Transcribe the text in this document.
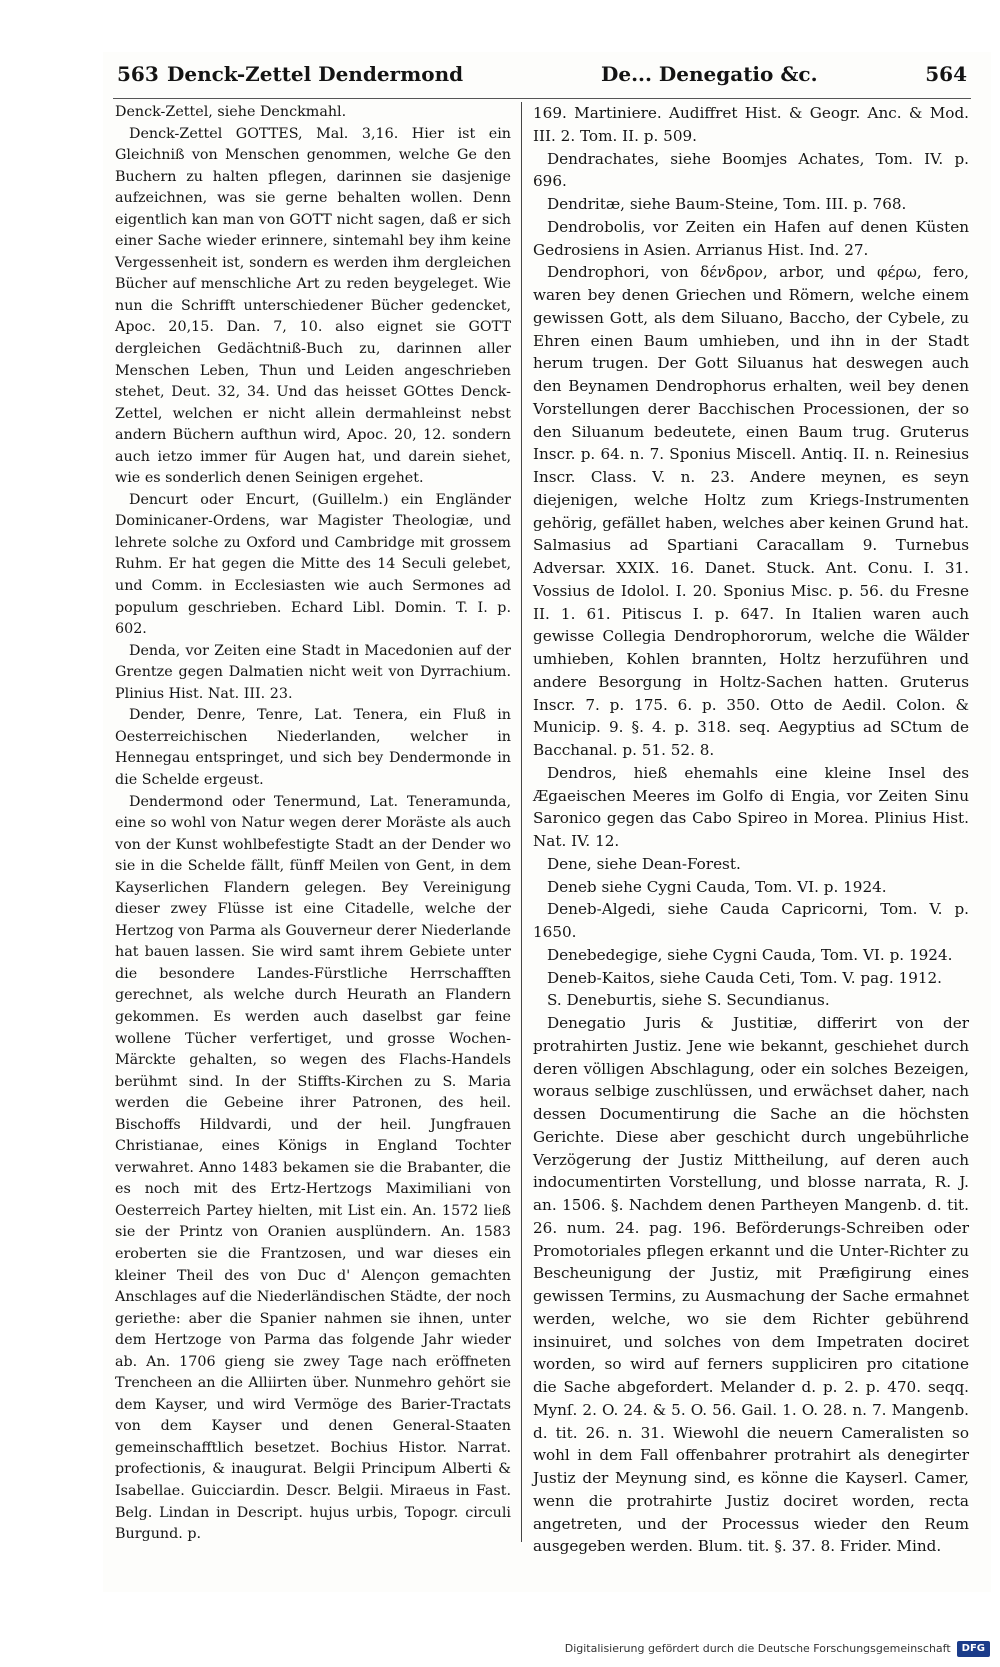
563 Denck-Zettel Dendermond	De... Denegatio &c.	564

Denck-Zettel, siehe Denckmahl.

Denck-Zettel GOTTES, Mal. 3,16. Hier ist ein Gleichniß von Menschen genommen, welche Ge den Buchern zu halten pflegen, darinnen sie dasjenige aufzeichnen, was sie gerne behalten wollen. Denn eigentlich kan man von GOTT nicht sagen, daß er sich einer Sache wieder erinnere, sintemahl bey ihm keine Vergessenheit ist, sondern es werden ihm dergleichen Bücher auf menschliche Art zu reden beygeleget. Wie nun die Schrifft unterschiedener Bücher gedencket, Apoc. 20,15. Dan. 7, 10. also eignet sie GOTT dergleichen Gedächtniß-Buch zu, darinnen aller Menschen Leben, Thun und Leiden angeschrieben stehet, Deut. 32, 34. Und das heisset GOttes Denck-Zettel, welchen er nicht allein dermahleinst nebst andern Büchern aufthun wird, Apoc. 20, 12. sondern auch ietzo immer für Augen hat, und darein siehet, wie es sonderlich denen Seinigen ergehet.

Dencurt oder Encurt, (Guillelm.) ein Engländer Dominicaner-Ordens, war Magister Theologiæ, und lehrete solche zu Oxford und Cambridge mit grossem Ruhm. Er hat gegen die Mitte des 14 Seculi gelebet, und Comm. in Ecclesiasten wie auch Sermones ad populum geschrieben. Echard Libl. Domin. T. I. p. 602.

Denda, vor Zeiten eine Stadt in Macedonien auf der Grentze gegen Dalmatien nicht weit von Dyrrachium. Plinius Hist. Nat. III. 23.

Dender, Denre, Tenre, Lat. Tenera, ein Fluß in Oesterreichischen Niederlanden, welcher in Hennegau entspringet, und sich bey Dendermonde in die Schelde ergeust.

Dendermond oder Tenermund, Lat. Teneramunda, eine so wohl von Natur wegen derer Moräste als auch von der Kunst wohlbefestigte Stadt an der Dender wo sie in die Schelde fällt, fünff Meilen von Gent, in dem Kayserlichen Flandern gelegen. Bey Vereinigung dieser zwey Flüsse ist eine Citadelle, welche der Hertzog von Parma als Gouverneur derer Niederlande hat bauen lassen. Sie wird samt ihrem Gebiete unter die besondere Landes-Fürstliche Herrschafften gerechnet, als welche durch Heurath an Flandern gekommen. Es werden auch daselbst gar feine wollene Tücher verfertiget, und grosse Wochen-Märckte gehalten, so wegen des Flachs-Handels berühmt sind. In der Stiffts-Kirchen zu S. Maria werden die Gebeine ihrer Patronen, des heil. Bischoffs Hildvardi, und der heil. Jungfrauen Christianae, eines Königs in England Tochter verwahret. Anno 1483 bekamen sie die Brabanter, die es noch mit des Ertz-Hertzogs Maximiliani von Oesterreich Partey hielten, mit List ein. An. 1572 ließ sie der Printz von Oranien ausplündern. An. 1583 eroberten sie die Frantzosen, und war dieses ein kleiner Theil des von Duc d' Alençon gemachten Anschlages auf die Niederländischen Städte, der noch geriethe: aber die Spanier nahmen sie ihnen, unter dem Hertzoge von Parma das folgende Jahr wieder ab. An. 1706 gieng sie zwey Tage nach eröffneten Trencheen an die Alliirten über. Nunmehro gehört sie dem Kayser, und wird Vermöge des Barier-Tractats von dem Kayser und denen General-Staaten gemeinschafftlich besetzet. Bochius Histor. Narrat. profectionis, & inaugurat. Belgii Principum Alberti & Isabellae. Guicciardin. Descr. Belgii. Miraeus in Fast. Belg. Lindan in Descript. hujus urbis, Topogr. circuli Burgund. p.

169. Martiniere. Audiffret Hist. & Geogr. Anc. & Mod. III. 2. Tom. II. p. 509.

Dendrachates, siehe Boomjes Achates, Tom. IV. p. 696.

Dendritæ, siehe Baum-Steine, Tom. III. p. 768.

Dendrobolis, vor Zeiten ein Hafen auf denen Küsten Gedrosiens in Asien. Arrianus Hist. Ind. 27.

Dendrophori, von δένδρον, arbor, und φέρω, fero, waren bey denen Griechen und Römern, welche einem gewissen Gott, als dem Siluano, Baccho, der Cybele, zu Ehren einen Baum umhieben, und ihn in der Stadt herum trugen. Der Gott Siluanus hat deswegen auch den Beynamen Dendrophorus erhalten, weil bey denen Vorstellungen derer Bacchischen Processionen, der so den Siluanum bedeutete, einen Baum trug. Gruterus Inscr. p. 64. n. 7. Sponius Miscell. Antiq. II. n. Reinesius Inscr. Class. V. n. 23. Andere meynen, es seyn diejenigen, welche Holtz zum Kriegs-Instrumenten gehörig, gefället haben, welches aber keinen Grund hat. Salmasius ad Spartiani Caracallam 9. Turnebus Adversar. XXIX. 16. Danet. Stuck. Ant. Conu. I. 31. Vossius de Idolol. I. 20. Sponius Misc. p. 56. du Fresne II. 1. 61. Pitiscus I. p. 647. In Italien waren auch gewisse Collegia Dendrophororum, welche die Wälder umhieben, Kohlen brannten, Holtz herzuführen und andere Besorgung in Holtz-Sachen hatten. Gruterus Inscr. 7. p. 175. 6. p. 350. Otto de Aedil. Colon. & Municip. 9. §. 4. p. 318. seq. Aegyptius ad SCtum de Bacchanal. p. 51. 52. 8.

Dendros, hieß ehemahls eine kleine Insel des Ægaeischen Meeres im Golfo di Engia, vor Zeiten Sinu Saronico gegen das Cabo Spireo in Morea. Plinius Hist. Nat. IV. 12.

Dene, siehe Dean-Forest.

Deneb siehe Cygni Cauda, Tom. VI. p. 1924.

Deneb-Algedi, siehe Cauda Capricorni, Tom. V. p. 1650.

Denebedegige, siehe Cygni Cauda, Tom. VI. p. 1924.

Deneb-Kaitos, siehe Cauda Ceti, Tom. V. pag. 1912.

S. Deneburtis, siehe S. Secundianus.

Denegatio Juris & Justitiæ, differirt von der protrahirten Justiz. Jene wie bekannt, geschiehet durch deren völligen Abschlagung, oder ein solches Bezeigen, woraus selbige zuschlüssen, und erwächset daher, nach dessen Documentirung die Sache an die höchsten Gerichte. Diese aber geschicht durch ungebührliche Verzögerung der Justiz Mittheilung, auf deren auch indocumentirten Vorstellung, und blosse narrata, R. J. an. 1506. §. Nachdem denen Partheyen Mangenb. d. tit. 26. num. 24. pag. 196. Beförderungs-Schreiben oder Promotoriales pflegen erkannt und die Unter-Richter zu Bescheunigung der Justiz, mit Præfigirung eines gewissen Termins, zu Ausmachung der Sache ermahnet werden, welche, wo sie dem Richter gebührend insinuiret, und solches von dem Impetraten dociret worden, so wird auf ferners suppliciren pro citatione die Sache abgefordert. Melander d. p. 2. p. 470. seqq. Mynſ. 2. O. 24. & 5. O. 56. Gail. 1. O. 28. n. 7. Mangenb. d. tit. 26. n. 31. Wiewohl die neuern Cameralisten so wohl in dem Fall offenbahrer protrahirt als denegirter Justiz der Meynung sind, es könne die Kayserl. Camer, wenn die protrahirte Justiz dociret worden, recta angetreten, und der Processus wieder den Reum ausgegeben werden. Blum. tit. §. 37. 8. Frider. Mind.

Digitalisierung gefördert durch die Deutsche Forschungsgemeinschaft DFG
